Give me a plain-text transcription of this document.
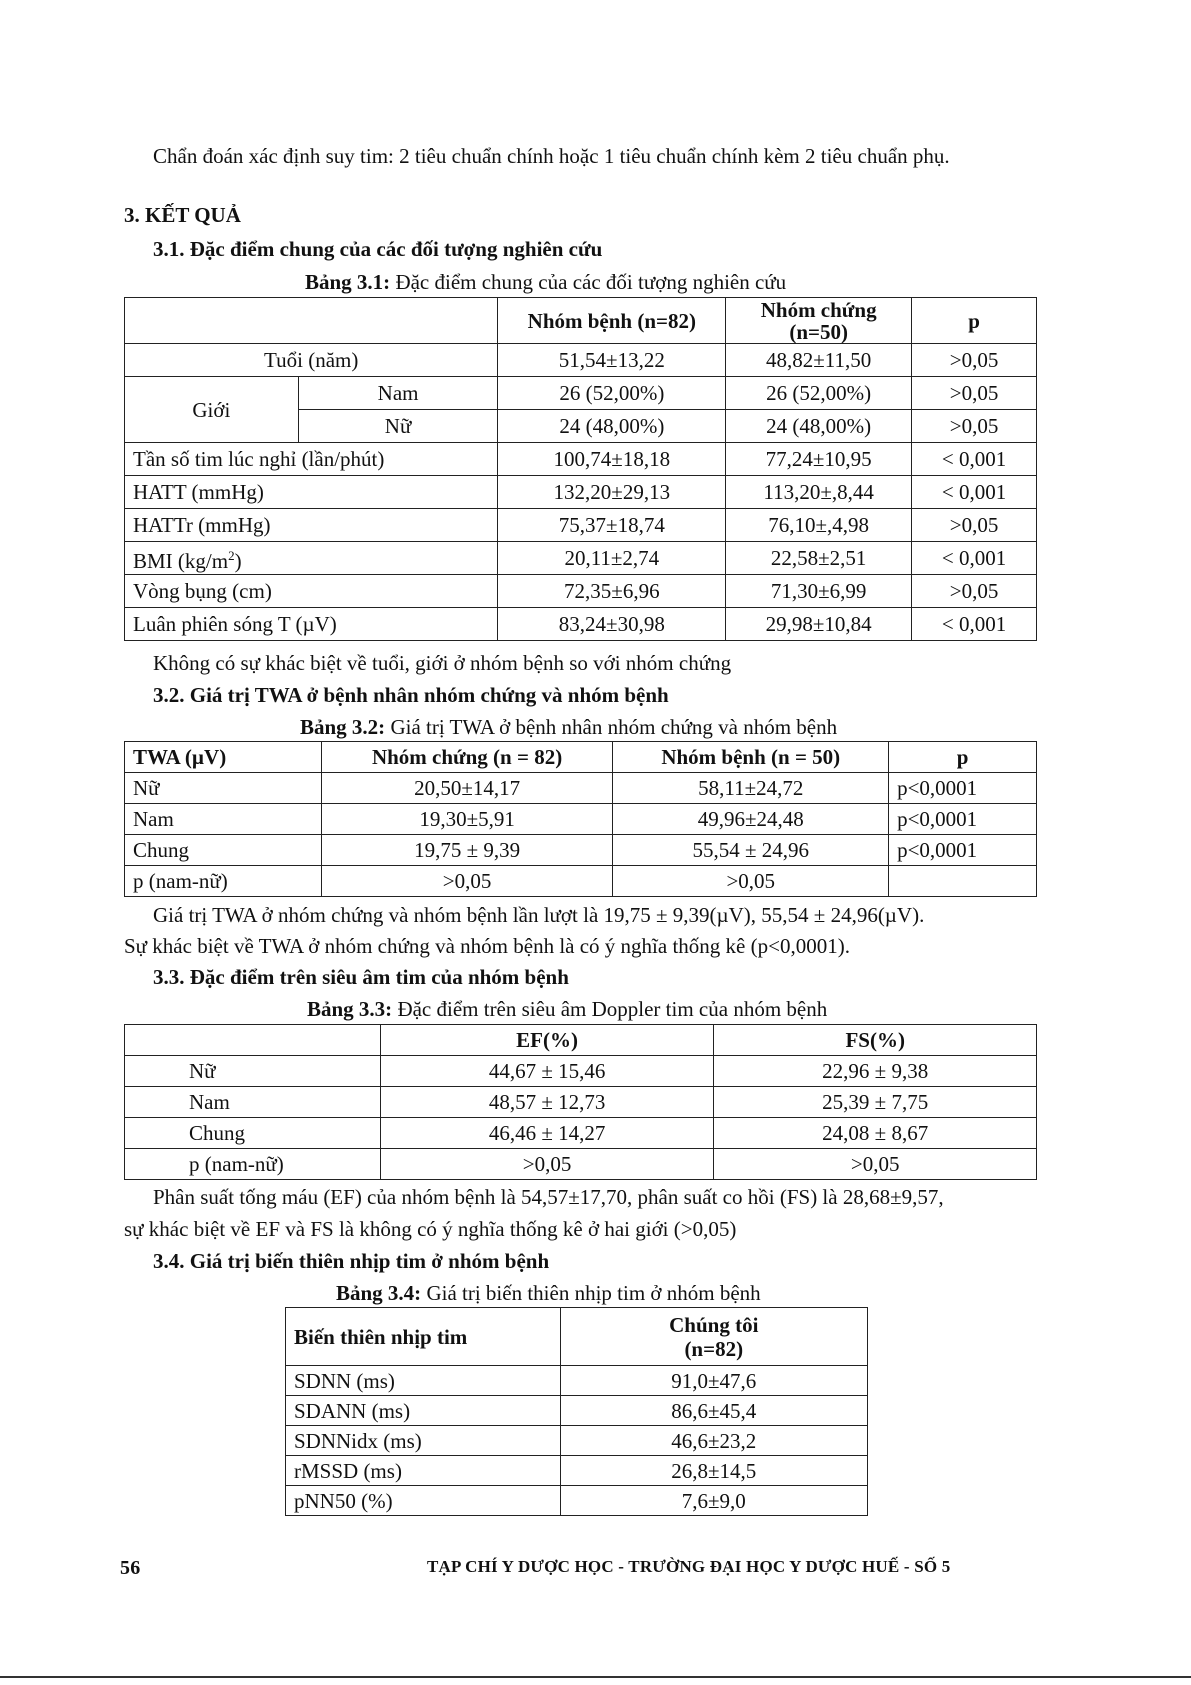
Chẩn đoán xác định suy tim: 2 tiêu chuẩn chính hoặc 1 tiêu chuẩn chính kèm 2 tiêu chuẩn phụ.
3. KẾT QUẢ
3.1. Đặc điểm chung của các đối tượng nghiên cứu
Bảng 3.1: Đặc điểm chung của các đối tượng nghiên cứu
		Nhóm bệnh (n=82)	Nhóm chứng (n=50)	p
Tuổi (năm)		51,54±13,22	48,82±11,50	>0,05
Giới	Nam	26 (52,00%)	26 (52,00%)	>0,05
	Nữ	24 (48,00%)	24 (48,00%)	>0,05
Tần số tim lúc nghỉ (lần/phút)		100,74±18,18	77,24±10,95	< 0,001
HATT (mmHg)		132,20±29,13	113,20±,8,44	< 0,001
HATTr (mmHg)		75,37±18,74	76,10±,4,98	>0,05
BMI $(kg/m^2)$		20,11±2,74	22,58±2,51	< 0,001
Vòng bụng (cm)		72,35±6,96	71,30±6,99	>0,05
Luân phiên sóng T (µV)		83,24±30,98	29,98±10,84	< 0,001
Không có sự khác biệt về tuổi, giới ở nhóm bệnh so với nhóm chứng
3.2. Giá trị TWA ở bệnh nhân nhóm chứng và nhóm bệnh
Bảng 3.2: Giá trị TWA ở bệnh nhân nhóm chứng và nhóm bệnh
TWA (µV)	Nhóm chứng (n = 82)	Nhóm bệnh (n = 50)	p
Nữ	20,50±14,17	58,11±24,72	p<0,0001
Nam	19,30±5,91	49,96±24,48	p<0,0001
Chung	19,75 ± 9,39	55,54 ± 24,96	p<0,0001
p (nam-nữ)	>0,05	>0,05	
Giá trị TWA ở nhóm chứng và nhóm bệnh lần lượt là 19,75 ± 9,39(µV), 55,54 ± 24,96(µV).
Sự khác biệt về TWA ở nhóm chứng và nhóm bệnh là có ý nghĩa thống kê (p<0,0001).
3.3. Đặc điểm trên siêu âm tim của nhóm bệnh
Bảng 3.3: Đặc điểm trên siêu âm Doppler tim của nhóm bệnh
	EF(%)	FS(%)
Nữ	44,67 ± 15,46	22,96 ± 9,38
Nam	48,57 ± 12,73	25,39 ± 7,75
Chung	46,46 ± 14,27	24,08 ± 8,67
p (nam-nữ)	>0,05	>0,05
Phân suất tống máu (EF) của nhóm bệnh là 54,57±17,70, phân suất co hồi (FS) là 28,68±9,57,
sự khác biệt về EF và FS là không có ý nghĩa thống kê ở hai giới (>0,05)
3.4. Giá trị biến thiên nhịp tim ở nhóm bệnh
Bảng 3.4: Giá trị biến thiên nhịp tim ở nhóm bệnh
Biến thiên nhịp tim	Chúng tôi
(n=82)

SDNN (ms)	91,0±47,6
SDANN (ms)	86,6±45,4
SDNNidx (ms)	46,6±23,2
rMSSD (ms)	26,8±14,5
pNN50 (%)	7,6±9,0
56	TẠP CHÍ Y DƯỢC HỌC - TRƯỜNG ĐẠI HỌC Y DƯỢC HUẾ - SỐ 5
